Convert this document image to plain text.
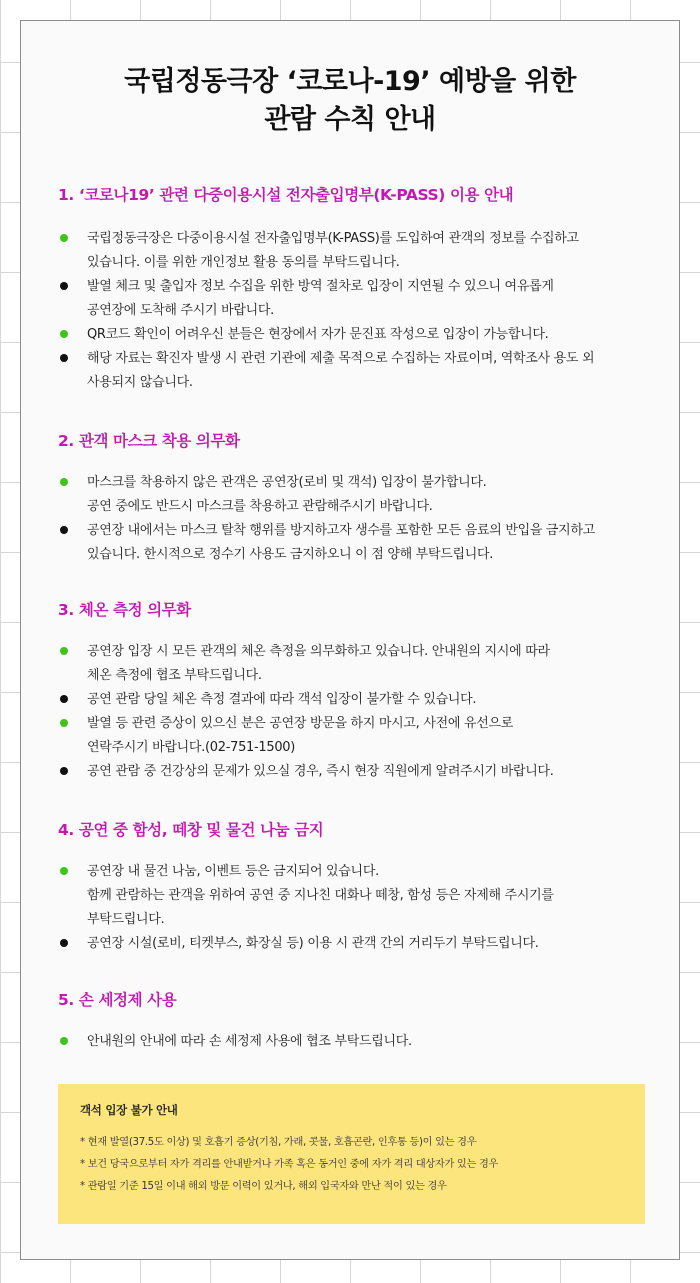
국립정동극장 ‘코로나-19’ 예방을 위한
관람 수칙 안내
1. ‘코로나19’ 관련 다중이용시설 전자출입명부(K-PASS) 이용 안내
국립정동극장은 다중이용시설 전자출입명부(K-PASS)를 도입하여 관객의 정보를 수집하고
있습니다. 이를 위한 개인정보 활용 동의를 부탁드립니다.
발열 체크 및 출입자 정보 수집을 위한 방역 절차로 입장이 지연될 수 있으니 여유롭게
공연장에 도착해 주시기 바랍니다.
QR코드 확인이 어려우신 분들은 현장에서 자가 문진표 작성으로 입장이 가능합니다.
해당 자료는 확진자 발생 시 관련 기관에 제출 목적으로 수집하는 자료이며, 역학조사 용도 외
사용되지 않습니다.
2. 관객 마스크 착용 의무화
마스크를 착용하지 않은 관객은 공연장(로비 및 객석) 입장이 불가합니다.
공연 중에도 반드시 마스크를 착용하고 관람해주시기 바랍니다.
공연장 내에서는 마스크 탈착 행위를 방지하고자 생수를 포함한 모든 음료의 반입을 금지하고
있습니다. 한시적으로 정수기 사용도 금지하오니 이 점 양해 부탁드립니다.
3. 체온 측정 의무화
공연장 입장 시 모든 관객의 체온 측정을 의무화하고 있습니다. 안내원의 지시에 따라
체온 측정에 협조 부탁드립니다.
공연 관람 당일 체온 측정 결과에 따라 객석 입장이 불가할 수 있습니다.
발열 등 관련 증상이 있으신 분은 공연장 방문을 하지 마시고, 사전에 유선으로
연락주시기 바랍니다.(02-751-1500)
공연 관람 중 건강상의 문제가 있으실 경우, 즉시 현장 직원에게 알려주시기 바랍니다.
4. 공연 중 함성, 떼창 및 물건 나눔 금지
공연장 내 물건 나눔, 이벤트 등은 금지되어 있습니다.
함께 관람하는 관객을 위하여 공연 중 지나친 대화나 떼창, 함성 등은 자제해 주시기를
부탁드립니다.
공연장 시설(로비, 티켓부스, 화장실 등) 이용 시 관객 간의 거리두기 부탁드립니다.
5. 손 세정제 사용
안내원의 안내에 따라 손 세정제 사용에 협조 부탁드립니다.
객석 입장 불가 안내
* 현재 발열(37.5도 이상) 및 호흡기 증상(기침, 가래, 콧물, 호흡곤란, 인후통 등)이 있는 경우
* 보건 당국으로부터 자가 격리를 안내받거나 가족 혹은 동거인 중에 자가 격리 대상자가 있는 경우
* 관람일 기준 15일 이내 해외 방문 이력이 있거나, 해외 입국자와 만난 적이 있는 경우
